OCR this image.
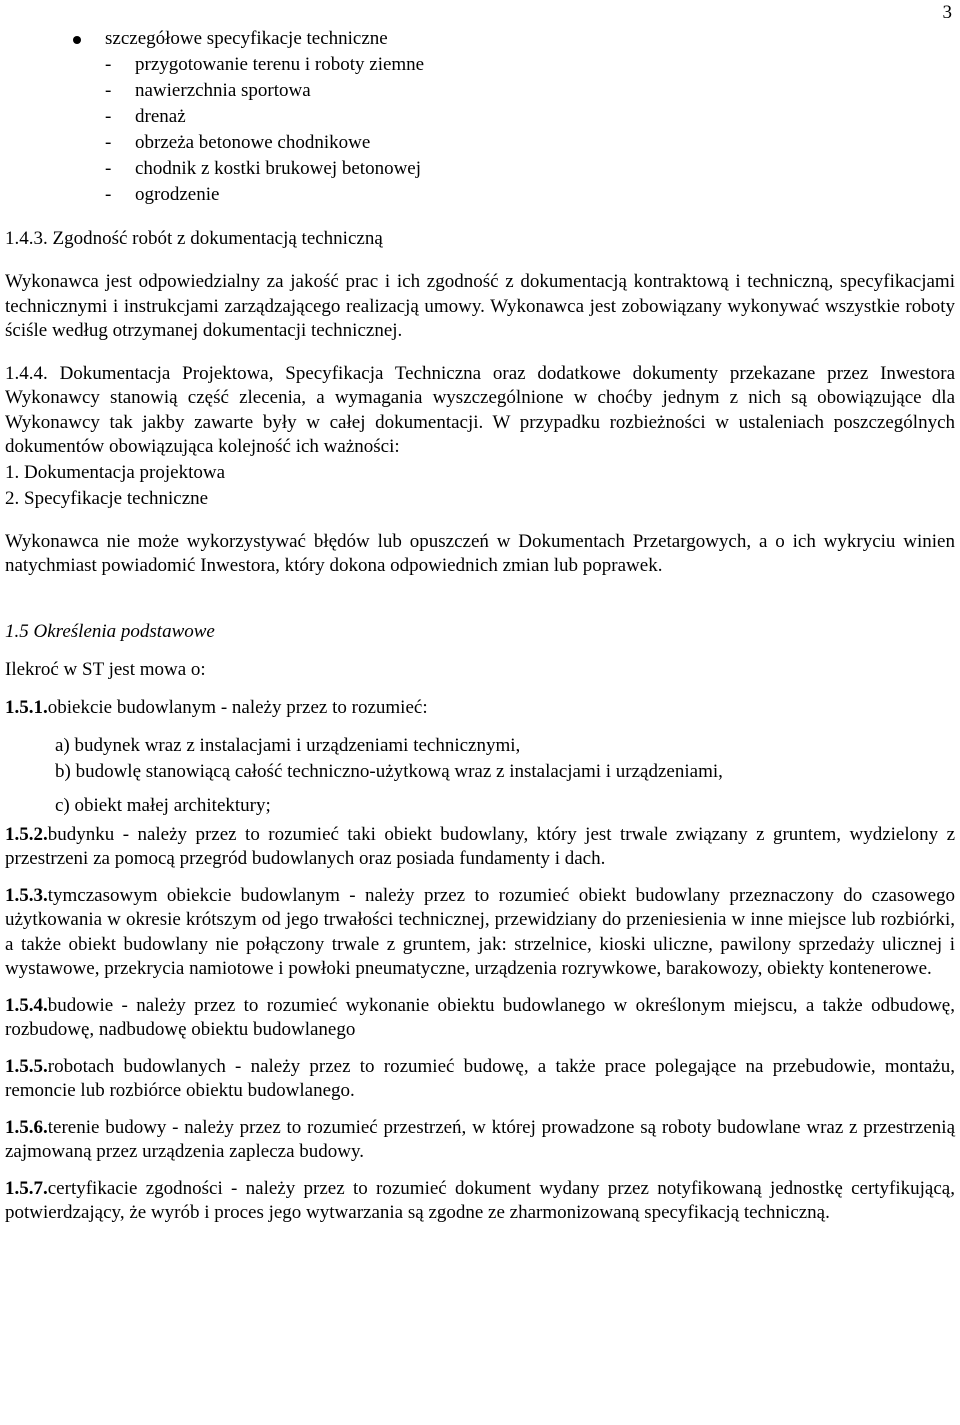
3
szczegółowe specyfikacje techniczne
- przygotowanie terenu i roboty ziemne
- nawierzchnia sportowa
- drenaż
- obrzeża betonowe chodnikowe
- chodnik z kostki brukowej betonowej
- ogrodzenie
1.4.3. Zgodność robót z dokumentacją techniczną
Wykonawca jest odpowiedzialny za jakość prac i ich zgodność z dokumentacją kontraktową i techniczną, specyfikacjami technicznymi i instrukcjami zarządzającego realizacją umowy. Wykonawca jest zobowiązany wykonywać wszystkie roboty ściśle według otrzymanej dokumentacji technicznej.
1.4.4. Dokumentacja Projektowa, Specyfikacja Techniczna oraz dodatkowe dokumenty przekazane przez Inwestora Wykonawcy stanowią część zlecenia, a wymagania wyszczególnione w choćby jednym z nich są obowiązujące dla Wykonawcy tak jakby zawarte były w całej dokumentacji. W przypadku rozbieżności w ustaleniach poszczególnych dokumentów obowiązująca kolejność ich ważności:
1. Dokumentacja projektowa
2. Specyfikacje techniczne
Wykonawca nie może wykorzystywać błędów lub opuszczeń w Dokumentach Przetargowych, a o ich wykryciu winien natychmiast powiadomić Inwestora, który dokona odpowiednich zmian lub poprawek.
1.5 Określenia podstawowe
Ilekroć w ST jest mowa o:
1.5.1.obiekcie budowlanym - należy przez to rozumieć:
a) budynek wraz z instalacjami i urządzeniami technicznymi,
b) budowlę stanowiącą całość techniczno-użytkową wraz z instalacjami i urządzeniami,
c) obiekt małej architektury;
1.5.2.budynku - należy przez to rozumieć taki obiekt budowlany, który jest trwale związany z gruntem, wydzielony z przestrzeni za pomocą przegród budowlanych oraz posiada fundamenty i dach.
1.5.3.tymczasowym obiekcie budowlanym - należy przez to rozumieć obiekt budowlany przeznaczony do czasowego użytkowania w okresie krótszym od jego trwałości technicznej, przewidziany do przeniesienia w inne miejsce lub rozbiórki, a także obiekt budowlany nie połączony trwale z gruntem, jak: strzelnice, kioski uliczne, pawilony sprzedaży ulicznej i wystawowe, przekrycia namiotowe i powłoki pneumatyczne, urządzenia rozrywkowe, barakowozy, obiekty kontenerowe.
1.5.4.budowie - należy przez to rozumieć wykonanie obiektu budowlanego w określonym miejscu, a także odbudowę, rozbudowę, nadbudowę obiektu budowlanego
1.5.5.robotach budowlanych - należy przez to rozumieć budowę, a także prace polegające na przebudowie, montażu, remoncie lub rozbiórce obiektu budowlanego.
1.5.6.terenie budowy - należy przez to rozumieć przestrzeń, w której prowadzone są roboty budowlane wraz z przestrzenią zajmowaną przez urządzenia zaplecza budowy.
1.5.7.certyfikacie zgodności - należy przez to rozumieć dokument wydany przez notyfikowaną jednostkę certyfikującą, potwierdzający, że wyrób i proces jego wytwarzania są zgodne ze zharmonizowaną specyfikacją techniczną.
